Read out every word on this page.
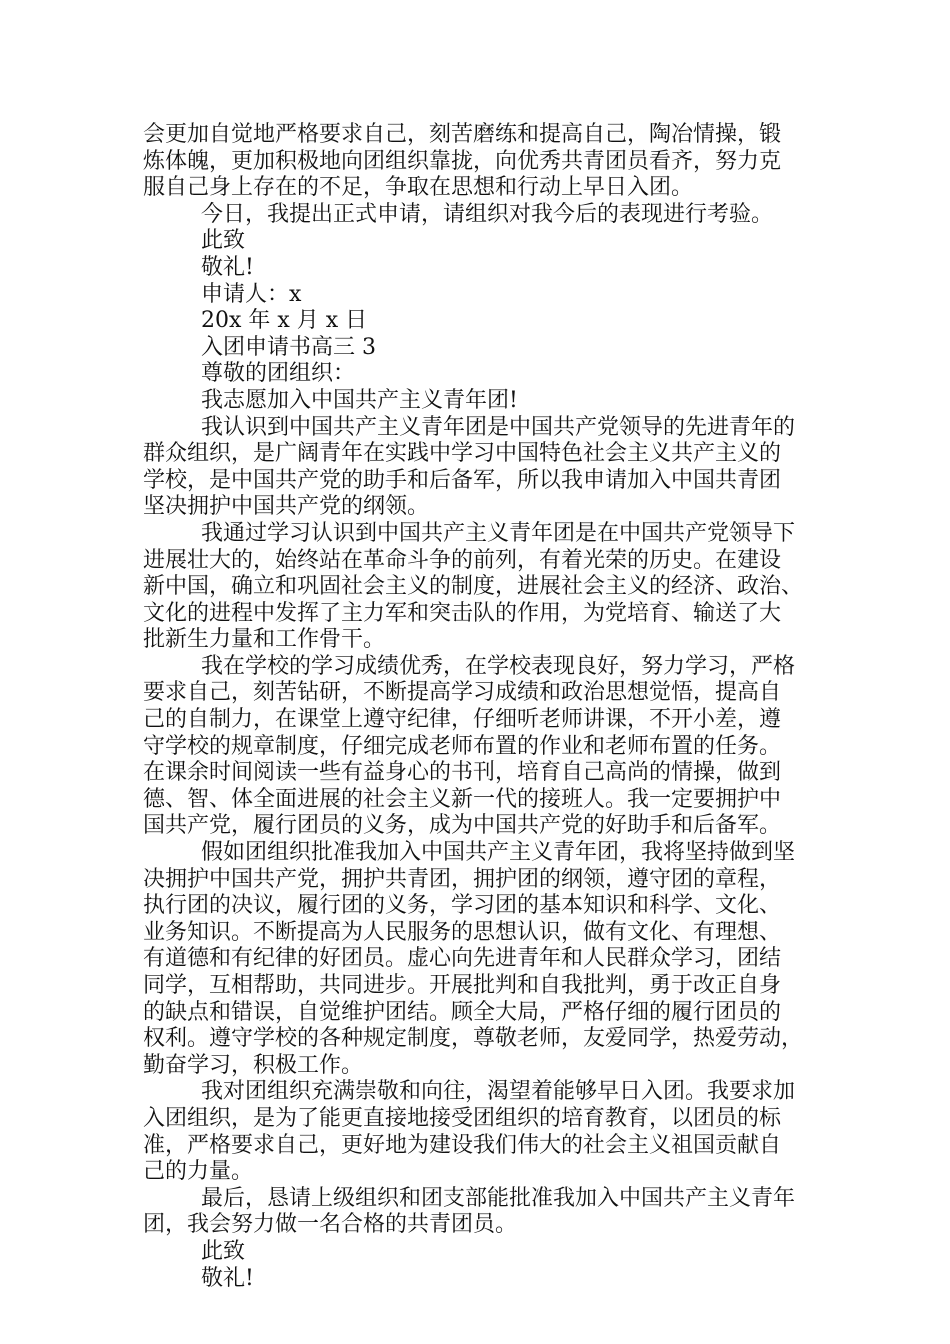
会更加自觉地严格要求自己，刻苦磨练和提高自己，陶冶情操，锻
炼体魄，更加积极地向团组织靠拢，向优秀共青团员看齐，努力克
服自己身上存在的不足，争取在思想和行动上早日入团。
今日，我提出正式申请，请组织对我今后的表现进行考验。
此致
敬礼!
申请人：x
20x 年 x 月 x 日
入团申请书高三 3
尊敬的团组织：
我志愿加入中国共产主义青年团!
我认识到中国共产主义青年团是中国共产党领导的先进青年的
群众组织，是广阔青年在实践中学习中国特色社会主义共产主义的
学校，是中国共产党的助手和后备军，所以我申请加入中国共青团
坚决拥护中国共产党的纲领。
我通过学习认识到中国共产主义青年团是在中国共产党领导下
进展壮大的，始终站在革命斗争的前列，有着光荣的历史。在建设
新中国，确立和巩固社会主义的制度，进展社会主义的经济、政治、
文化的进程中发挥了主力军和突击队的作用，为党培育、输送了大
批新生力量和工作骨干。
我在学校的学习成绩优秀，在学校表现良好，努力学习，严格
要求自己，刻苦钻研，不断提高学习成绩和政治思想觉悟，提高自
己的自制力，在课堂上遵守纪律，仔细听老师讲课，不开小差，遵
守学校的规章制度，仔细完成老师布置的作业和老师布置的任务。
在课余时间阅读一些有益身心的书刊，培育自己高尚的情操，做到
德、智、体全面进展的社会主义新一代的接班人。我一定要拥护中
国共产党，履行团员的义务，成为中国共产党的好助手和后备军。
假如团组织批准我加入中国共产主义青年团，我将坚持做到坚
决拥护中国共产党，拥护共青团，拥护团的纲领，遵守团的章程，
执行团的决议，履行团的义务，学习团的基本知识和科学、文化、
业务知识。不断提高为人民服务的思想认识，做有文化、有理想、
有道德和有纪律的好团员。虚心向先进青年和人民群众学习，团结
同学，互相帮助，共同进步。开展批判和自我批判，勇于改正自身
的缺点和错误，自觉维护团结。顾全大局，严格仔细的履行团员的
权利。遵守学校的各种规定制度，尊敬老师，友爱同学，热爱劳动，
勤奋学习，积极工作。
我对团组织充满崇敬和向往，渴望着能够早日入团。我要求加
入团组织，是为了能更直接地接受团组织的培育教育，以团员的标
准，严格要求自己，更好地为建设我们伟大的社会主义祖国贡献自
己的力量。
最后，恳请上级组织和团支部能批准我加入中国共产主义青年
团，我会努力做一名合格的共青团员。
此致
敬礼!
